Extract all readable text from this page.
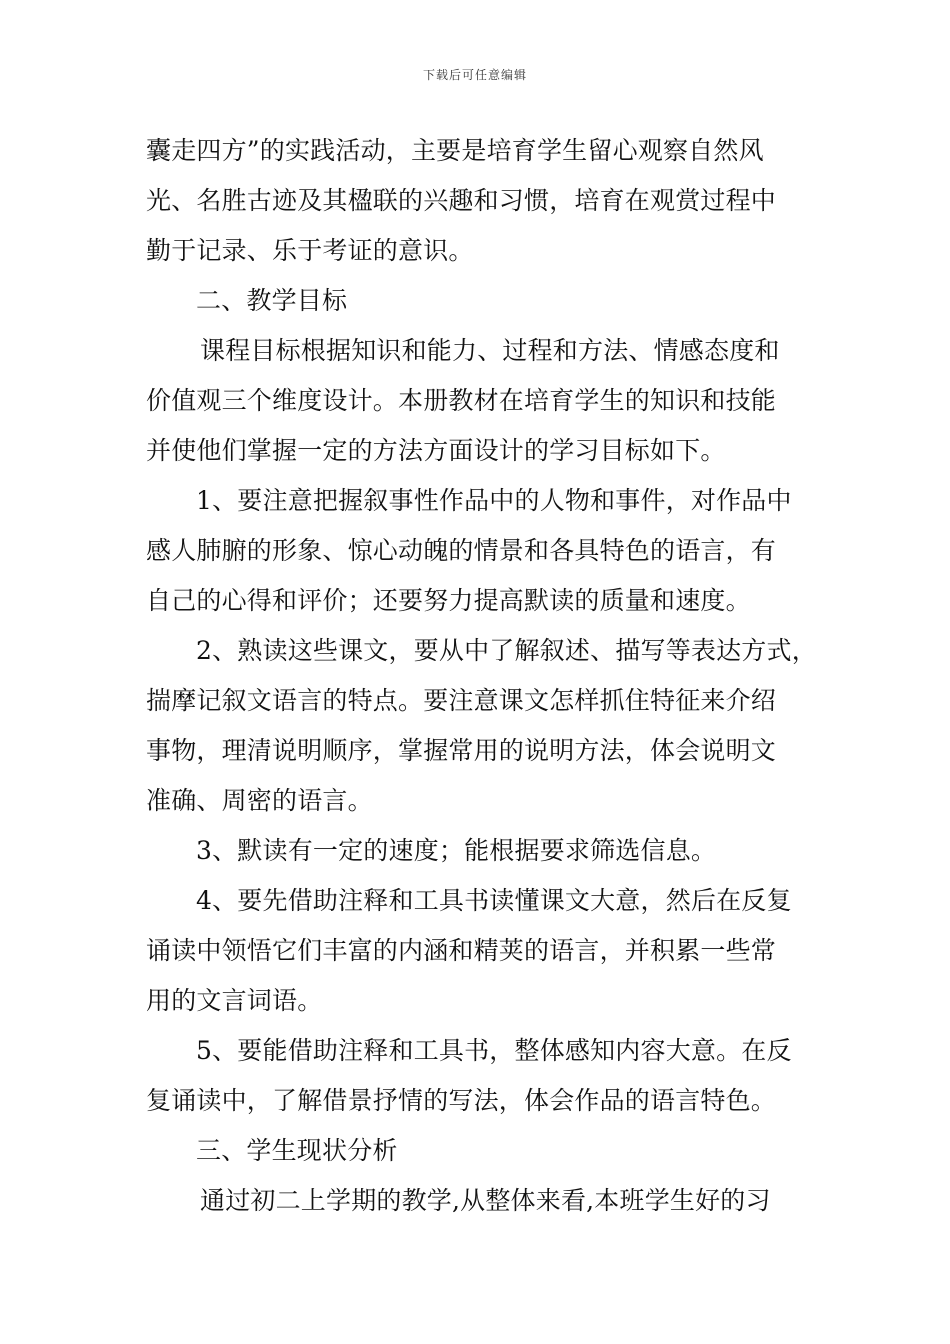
下载后可任意编辑
囊走四方”的实践活动，主要是培育学生留心观察自然风
光、名胜古迹及其楹联的兴趣和习惯，培育在观赏过程中
勤于记录、乐于考证的意识。
二、教学目标
课程目标根据知识和能力、过程和方法、情感态度和
价值观三个维度设计。本册教材在培育学生的知识和技能
并使他们掌握一定的方法方面设计的学习目标如下。
1、要注意把握叙事性作品中的人物和事件，对作品中
感人肺腑的形象、惊心动魄的情景和各具特色的语言，有
自己的心得和评价；还要努力提高默读的质量和速度。
2、熟读这些课文，要从中了解叙述、描写等表达方式，
揣摩记叙文语言的特点。要注意课文怎样抓住特征来介绍
事物，理清说明顺序，掌握常用的说明方法，体会说明文
准确、周密的语言。
3、默读有一定的速度；能根据要求筛选信息。
4、要先借助注释和工具书读懂课文大意，然后在反复
诵读中领悟它们丰富的内涵和精荚的语言，并积累一些常
用的文言词语。
5、要能借助注释和工具书，整体感知内容大意。在反
复诵读中，了解借景抒情的写法，体会作品的语言特色。
三、学生现状分析
通过初二上学期的教学,从整体来看,本班学生好的习
